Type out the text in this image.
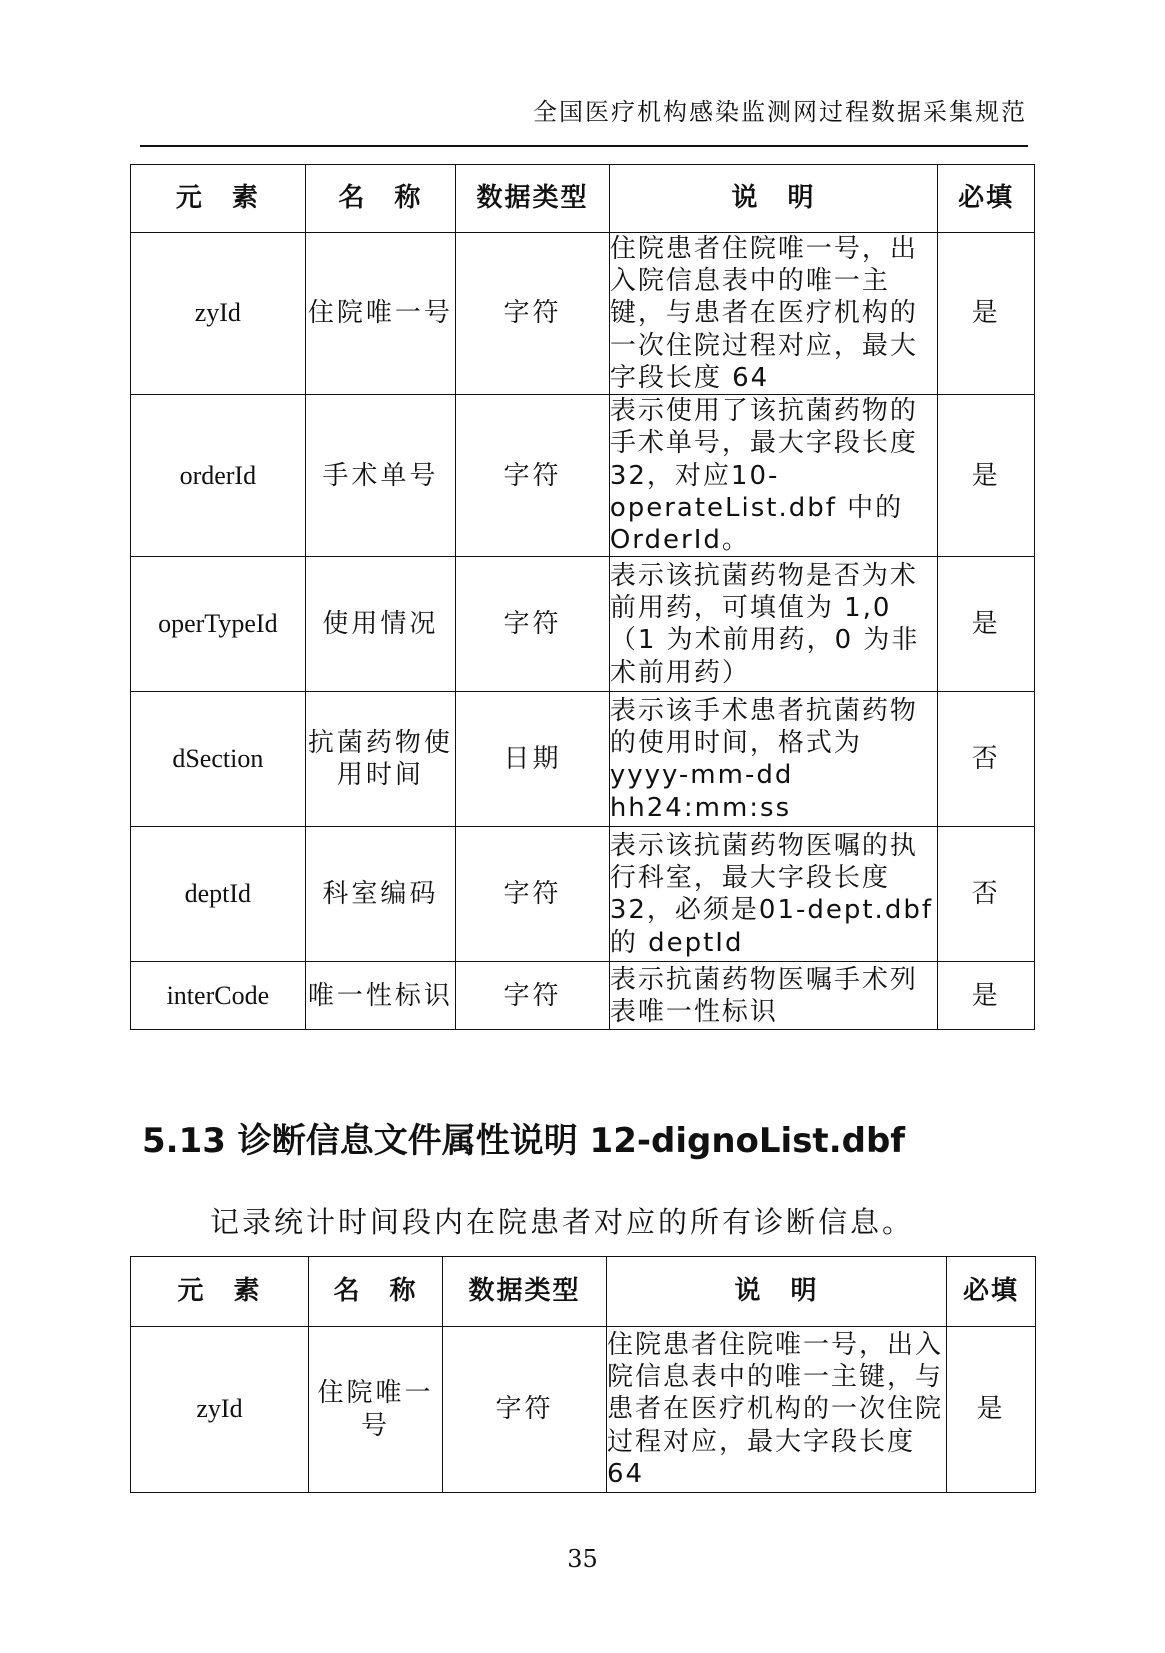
全国医疗机构感染监测网过程数据采集规范
元　素	名　称	数据类型	说　明	必填
zyId	住院唯一号	字符	住院患者住院唯一号，出入院信息表中的唯一主键，与患者在医疗机构的一次住院过程对应，最大字段长度 64	是
orderId	手术单号	字符	表示使用了该抗菌药物的手术单号，最大字段长度 32，对应10-operateList.dbf 中的OrderId。	是
operTypeId	使用情况	字符	表示该抗菌药物是否为术前用药，可填值为 1,0（1 为术前用药，0 为非术前用药）	是
dSection	抗菌药物使用时间	日期	表示该手术患者抗菌药物的使用时间，格式为yyyy-mm-dd hh24:mm:ss	否
deptId	科室编码	字符	表示该抗菌药物医嘱的执行科室，最大字段长度 32，必须是01-dept.dbf 的 deptId	否
interCode	唯一性标识	字符	表示抗菌药物医嘱手术列表唯一性标识	是
5.13 诊断信息文件属性说明 12-dignoList.dbf
记录统计时间段内在院患者对应的所有诊断信息。
元　素	名　称	数据类型	说　明	必填
zyId	住院唯一号	字符	住院患者住院唯一号，出入院信息表中的唯一主键，与患者在医疗机构的一次住院过程对应，最大字段长度 64	是
35
